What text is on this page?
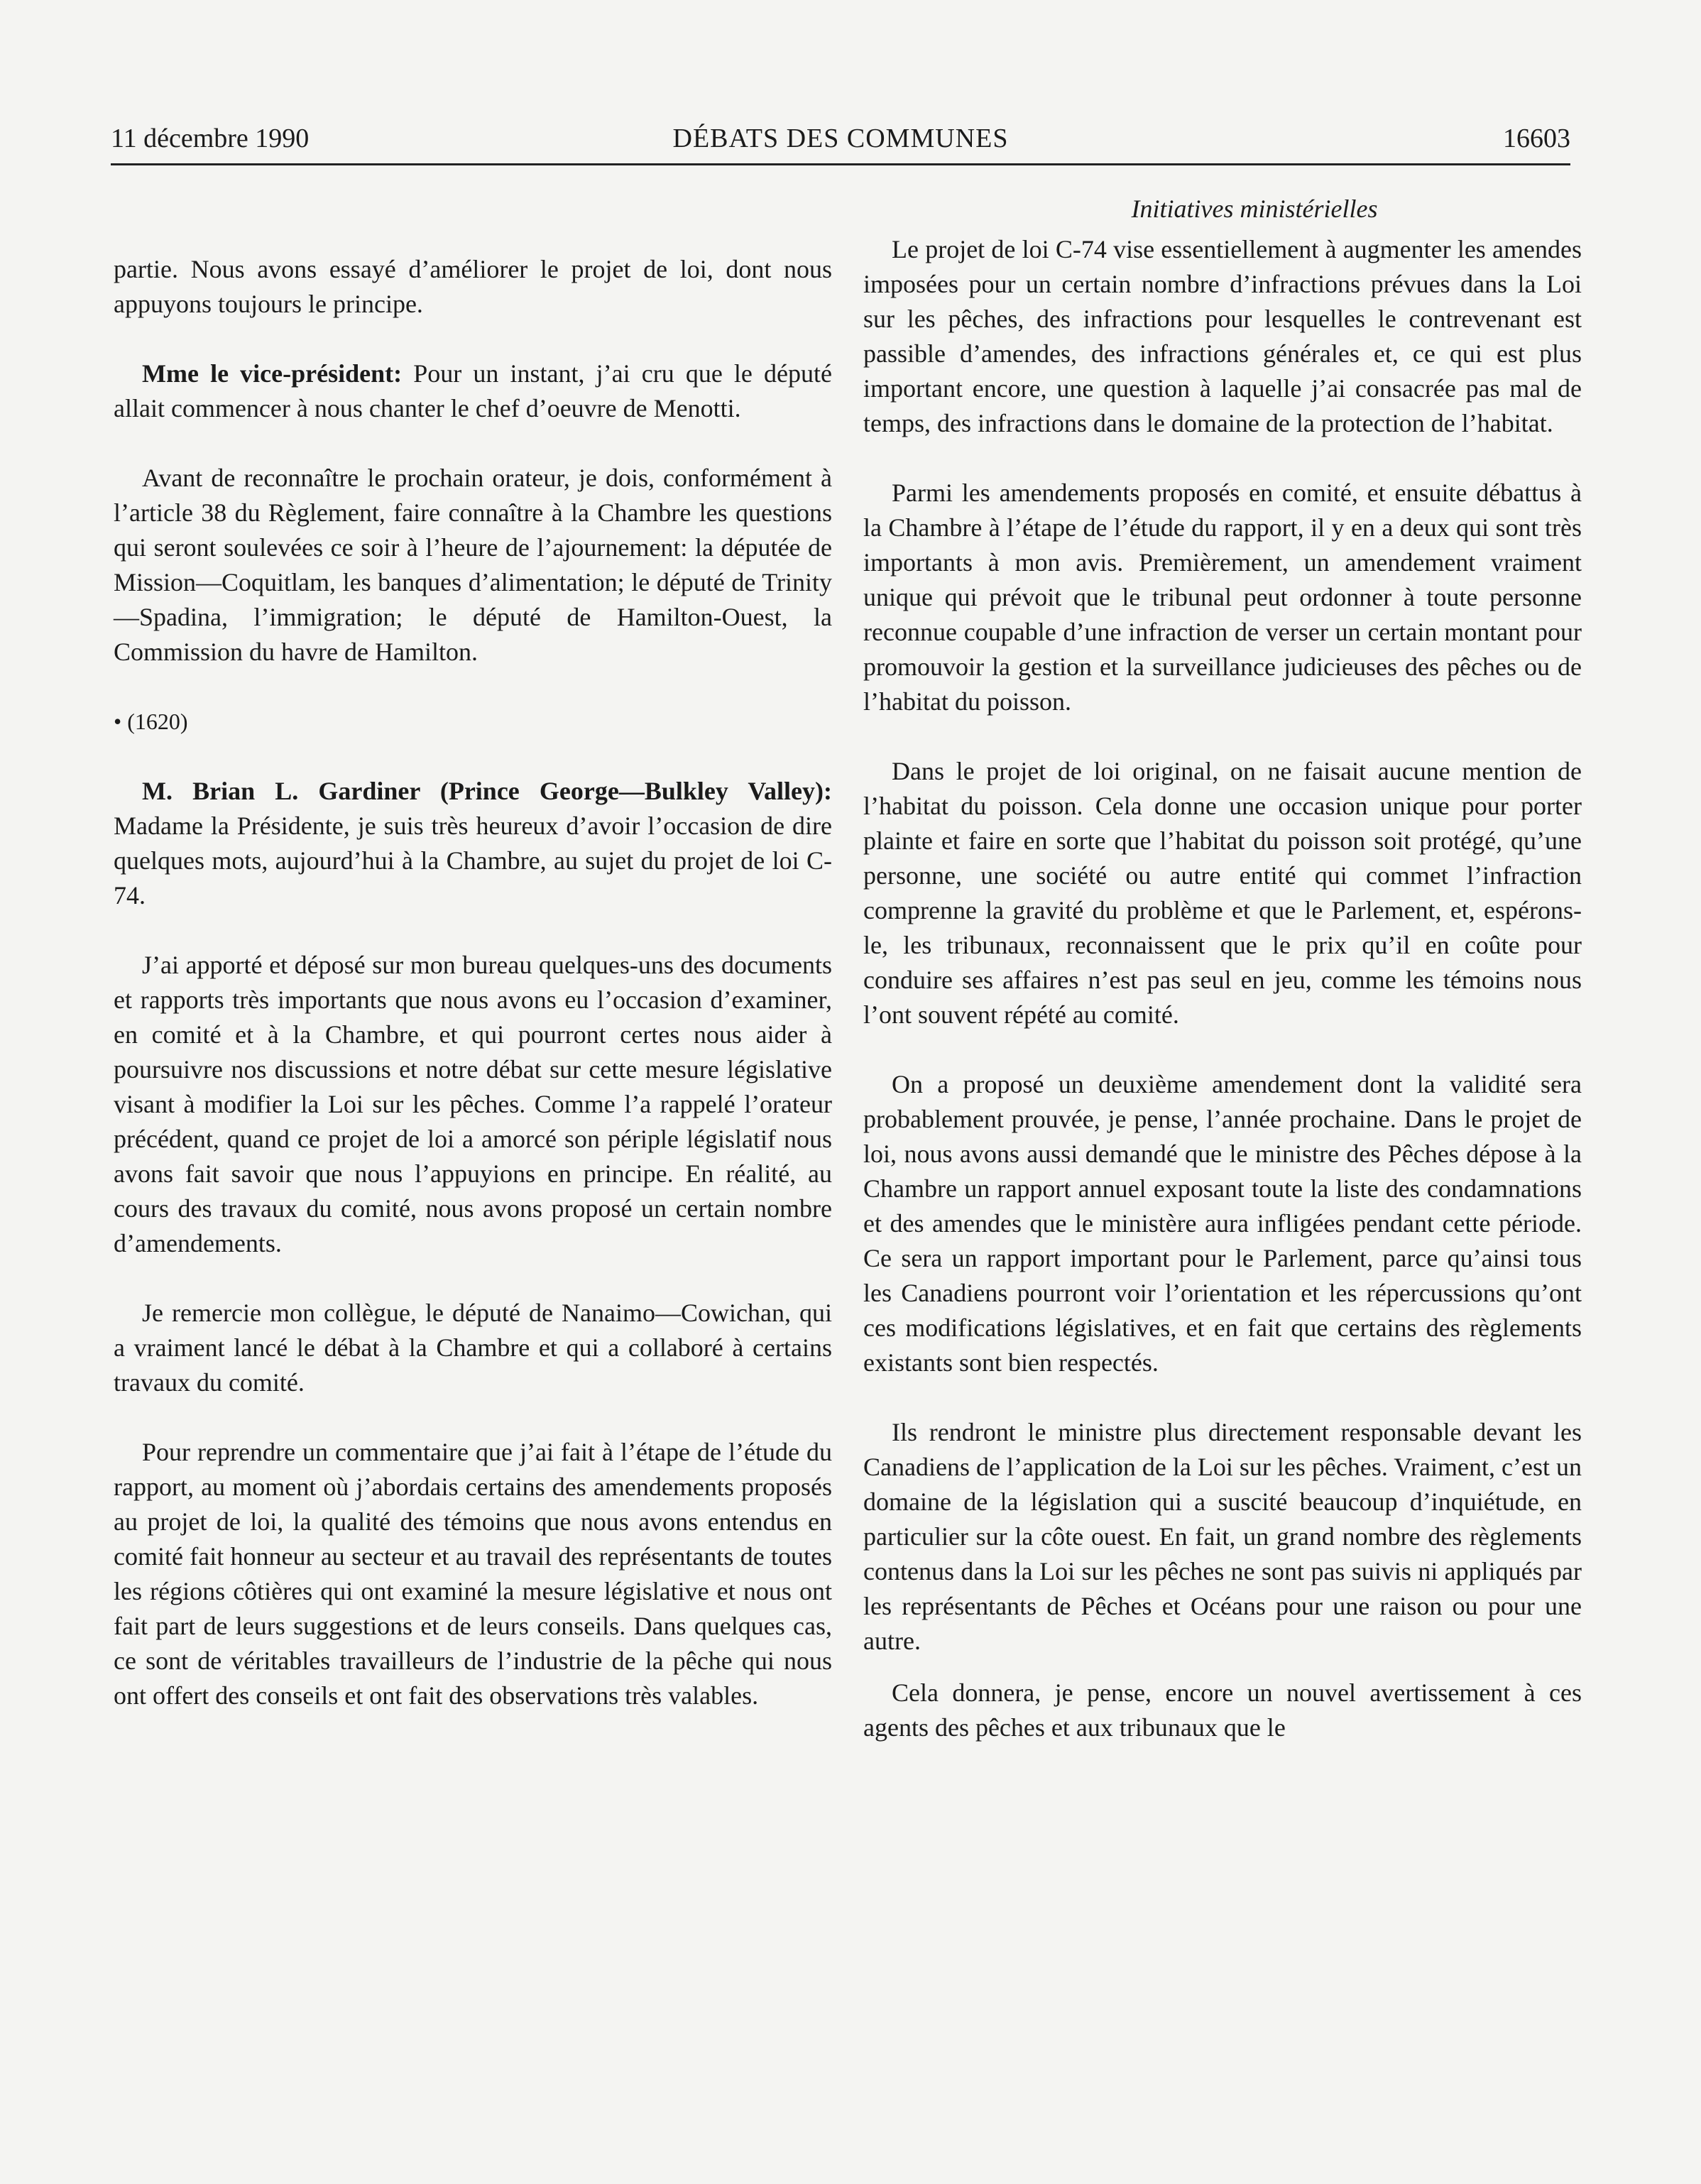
11 décembre 1990	DÉBATS DES COMMUNES	16603

partie. Nous avons essayé d’améliorer le projet de loi, dont nous appuyons toujours le principe.

Mme le vice-président: Pour un instant, j’ai cru que le député allait commencer à nous chanter le chef d’oeuvre de Menotti.

Avant de reconnaître le prochain orateur, je dois, conformément à l’article 38 du Règlement, faire connaître à la Chambre les questions qui seront soulevées ce soir à l’heure de l’ajournement: la députée de Mission—Coquitlam, les banques d’alimentation; le député de Trinity—Spadina, l’immigration; le député de Hamilton-Ouest, la Commission du havre de Hamilton.

• (1620)

M. Brian L. Gardiner (Prince George—Bulkley Valley): Madame la Présidente, je suis très heureux d’avoir l’occasion de dire quelques mots, aujourd’hui à la Chambre, au sujet du projet de loi C-74.

J’ai apporté et déposé sur mon bureau quelques-uns des documents et rapports très importants que nous avons eu l’occasion d’examiner, en comité et à la Chambre, et qui pourront certes nous aider à poursuivre nos discussions et notre débat sur cette mesure législative visant à modifier la Loi sur les pêches. Comme l’a rappelé l’orateur précédent, quand ce projet de loi a amorcé son périple législatif nous avons fait savoir que nous l’appuyions en principe. En réalité, au cours des travaux du comité, nous avons proposé un certain nombre d’amendements.

Je remercie mon collègue, le député de Nanaimo—Cowichan, qui a vraiment lancé le débat à la Chambre et qui a collaboré à certains travaux du comité.

Pour reprendre un commentaire que j’ai fait à l’étape de l’étude du rapport, au moment où j’abordais certains des amendements proposés au projet de loi, la qualité des témoins que nous avons entendus en comité fait honneur au secteur et au travail des représentants de toutes les régions côtières qui ont examiné la mesure législative et nous ont fait part de leurs suggestions et de leurs conseils. Dans quelques cas, ce sont de véritables travailleurs de l’industrie de la pêche qui nous ont offert des conseils et ont fait des observations très valables.

Initiatives ministérielles

Le projet de loi C-74 vise essentiellement à augmenter les amendes imposées pour un certain nombre d’infractions prévues dans la Loi sur les pêches, des infractions pour lesquelles le contrevenant est passible d’amendes, des infractions générales et, ce qui est plus important encore, une question à laquelle j’ai consacrée pas mal de temps, des infractions dans le domaine de la protection de l’habitat.

Parmi les amendements proposés en comité, et ensuite débattus à la Chambre à l’étape de l’étude du rapport, il y en a deux qui sont très importants à mon avis. Premièrement, un amendement vraiment unique qui prévoit que le tribunal peut ordonner à toute personne reconnue coupable d’une infraction de verser un certain montant pour promouvoir la gestion et la surveillance judicieuses des pêches ou de l’habitat du poisson.

Dans le projet de loi original, on ne faisait aucune mention de l’habitat du poisson. Cela donne une occasion unique pour porter plainte et faire en sorte que l’habitat du poisson soit protégé, qu’une personne, une société ou autre entité qui commet l’infraction comprenne la gravité du problème et que le Parlement, et, espérons-le, les tribunaux, reconnaissent que le prix qu’il en coûte pour conduire ses affaires n’est pas seul en jeu, comme les témoins nous l’ont souvent répété au comité.

On a proposé un deuxième amendement dont la validité sera probablement prouvée, je pense, l’année prochaine. Dans le projet de loi, nous avons aussi demandé que le ministre des Pêches dépose à la Chambre un rapport annuel exposant toute la liste des condamnations et des amendes que le ministère aura infligées pendant cette période. Ce sera un rapport important pour le Parlement, parce qu’ainsi tous les Canadiens pourront voir l’orientation et les répercussions qu’ont ces modifications législatives, et en fait que certains des règlements existants sont bien respectés.

Ils rendront le ministre plus directement responsable devant les Canadiens de l’application de la Loi sur les pêches. Vraiment, c’est un domaine de la législation qui a suscité beaucoup d’inquiétude, en particulier sur la côte ouest. En fait, un grand nombre des règlements contenus dans la Loi sur les pêches ne sont pas suivis ni appliqués par les représentants de Pêches et Océans pour une raison ou pour une autre.

Cela donnera, je pense, encore un nouvel avertissement à ces agents des pêches et aux tribunaux que le
